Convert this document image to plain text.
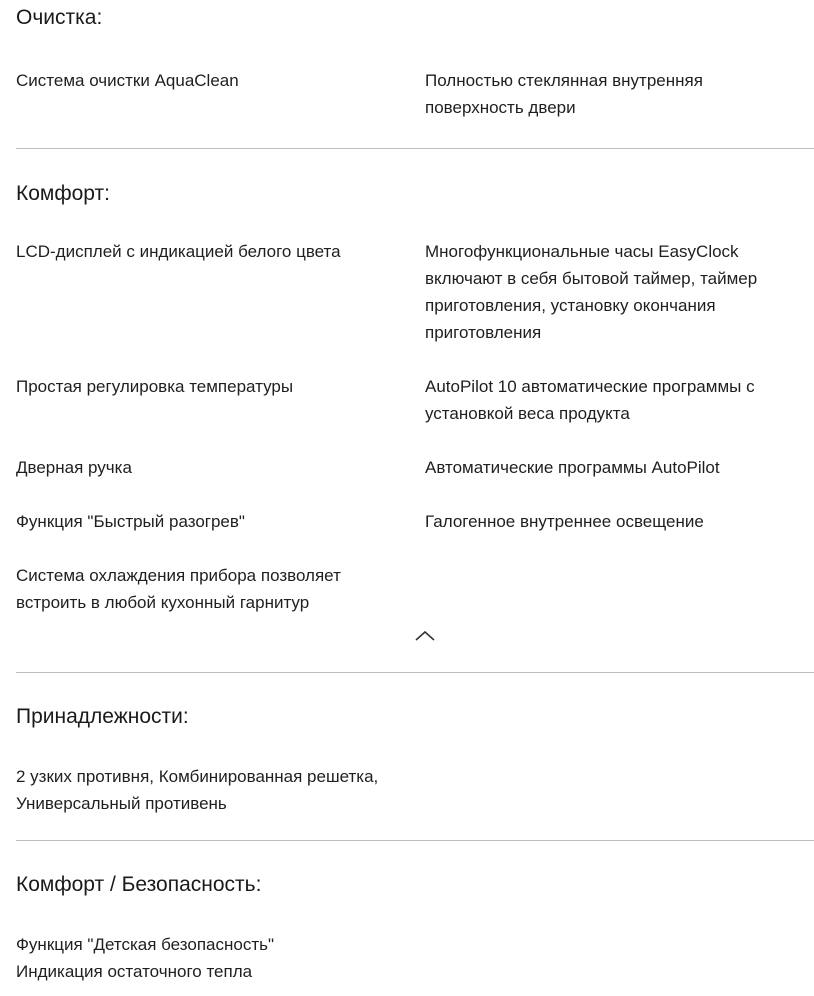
Очистка:
Система очистки AquaClean	Полностью стеклянная внутренняя поверхность двери
Комфорт:
LCD-дисплей с индикацией белого цвета	Многофункциональные часы EasyClock включают в себя бытовой таймер, таймер приготовления, установку окончания приготовления
Простая регулировка температуры	AutoPilot 10 автоматические программы с установкой веса продукта
Дверная ручка	Автоматические программы AutoPilot
Функция "Быстрый разогрев"	Галогенное внутреннее освещение
Система охлаждения прибора позволяет встроить в любой кухонный гарнитур
Принадлежности:
2 узких противня, Комбинированная решетка, Универсальный противень
Комфорт / Безопасность:
Функция "Детская безопасность"
Индикация остаточного тепла
